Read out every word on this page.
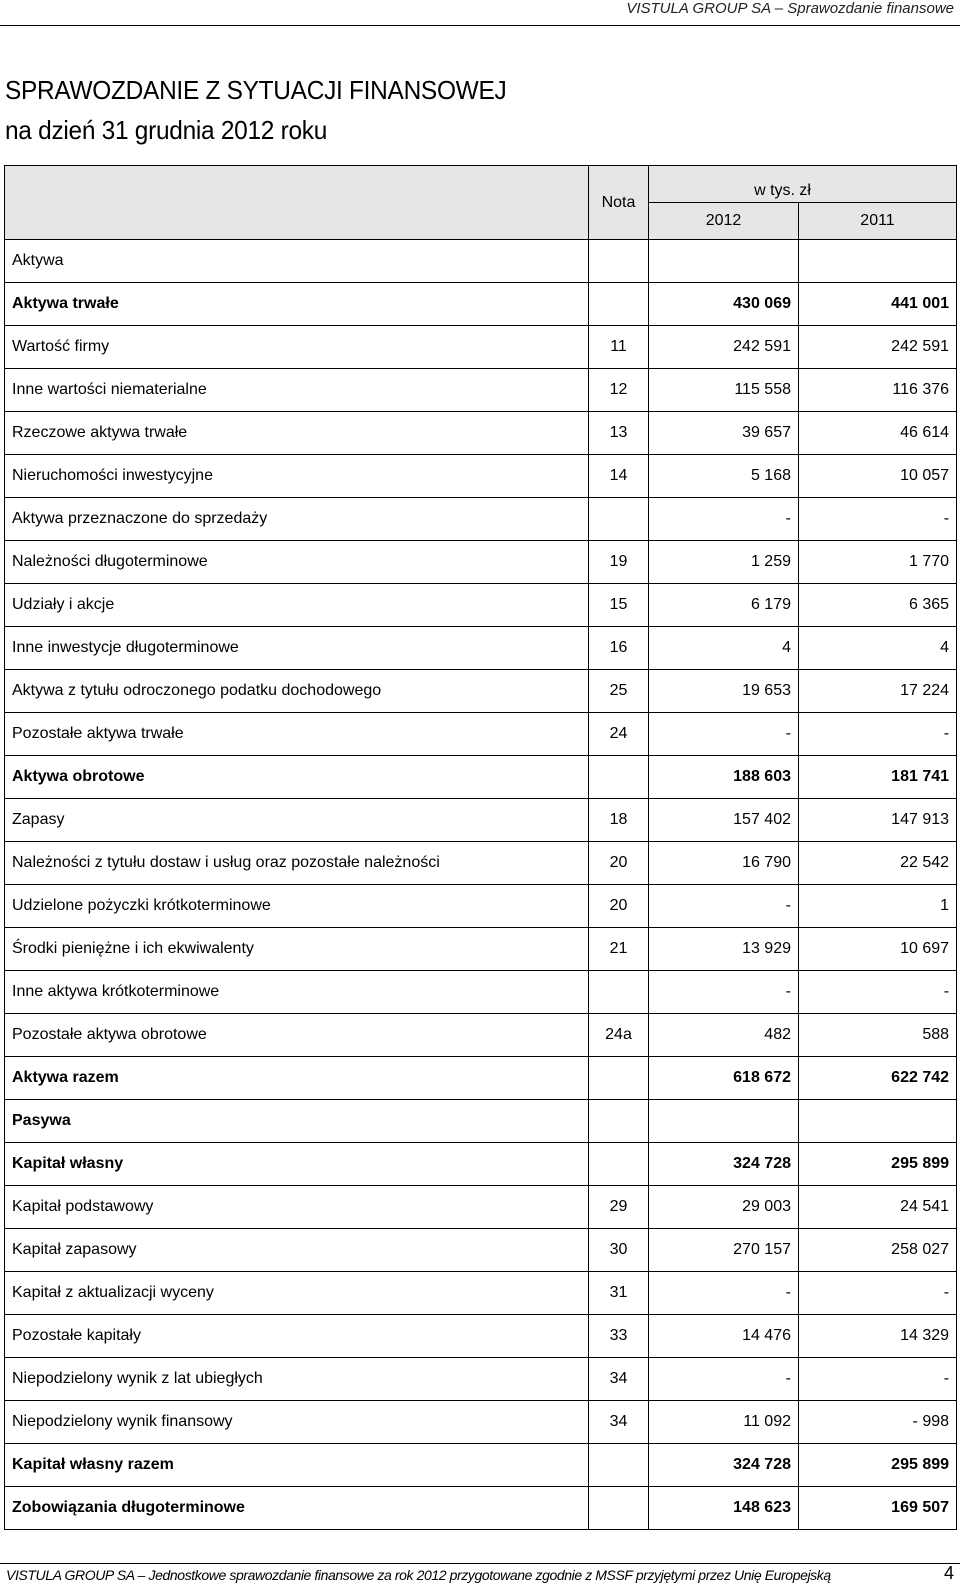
VISTULA GROUP SA – Sprawozdanie finansowe
SPRAWOZDANIE Z SYTUACJI FINANSOWEJ
na dzień 31 grudnia 2012 roku
	Nota	w tys. zł	
		2012	2011
Aktywa			
Aktywa trwałe		430 069	441 001
Wartość firmy	11	242 591	242 591
Inne wartości niematerialne	12	115 558	116 376
Rzeczowe aktywa trwałe	13	39 657	46 614
Nieruchomości inwestycyjne	14	5 168	10 057
Aktywa przeznaczone do sprzedaży		-	-
Należności długoterminowe	19	1 259	1 770
Udziały i akcje	15	6 179	6 365
Inne inwestycje długoterminowe	16	4	4
Aktywa z tytułu odroczonego podatku dochodowego	25	19 653	17 224
Pozostałe aktywa trwałe	24	-	-
Aktywa obrotowe		188 603	181 741
Zapasy	18	157 402	147 913
Należności z tytułu dostaw i usług oraz pozostałe należności	20	16 790	22 542
Udzielone pożyczki krótkoterminowe	20	-	1
Środki pieniężne i ich ekwiwalenty	21	13 929	10 697
Inne aktywa krótkoterminowe		-	-
Pozostałe aktywa obrotowe	24a	482	588
Aktywa razem		618 672	622 742
Pasywa			
Kapitał własny		324 728	295 899
Kapitał podstawowy	29	29 003	24 541
Kapitał zapasowy	30	270 157	258 027
Kapitał z aktualizacji wyceny	31	-	-
Pozostałe kapitały	33	14 476	14 329
Niepodzielony wynik z lat ubiegłych	34	-	-
Niepodzielony wynik finansowy	34	11 092	- 998
Kapitał własny razem		324 728	295 899
Zobowiązania długoterminowe		148 623	169 507
VISTULA GROUP SA – Jednostkowe sprawozdanie finansowe za rok 2012 przygotowane zgodnie z MSSF przyjętymi przez Unię Europejską	4
